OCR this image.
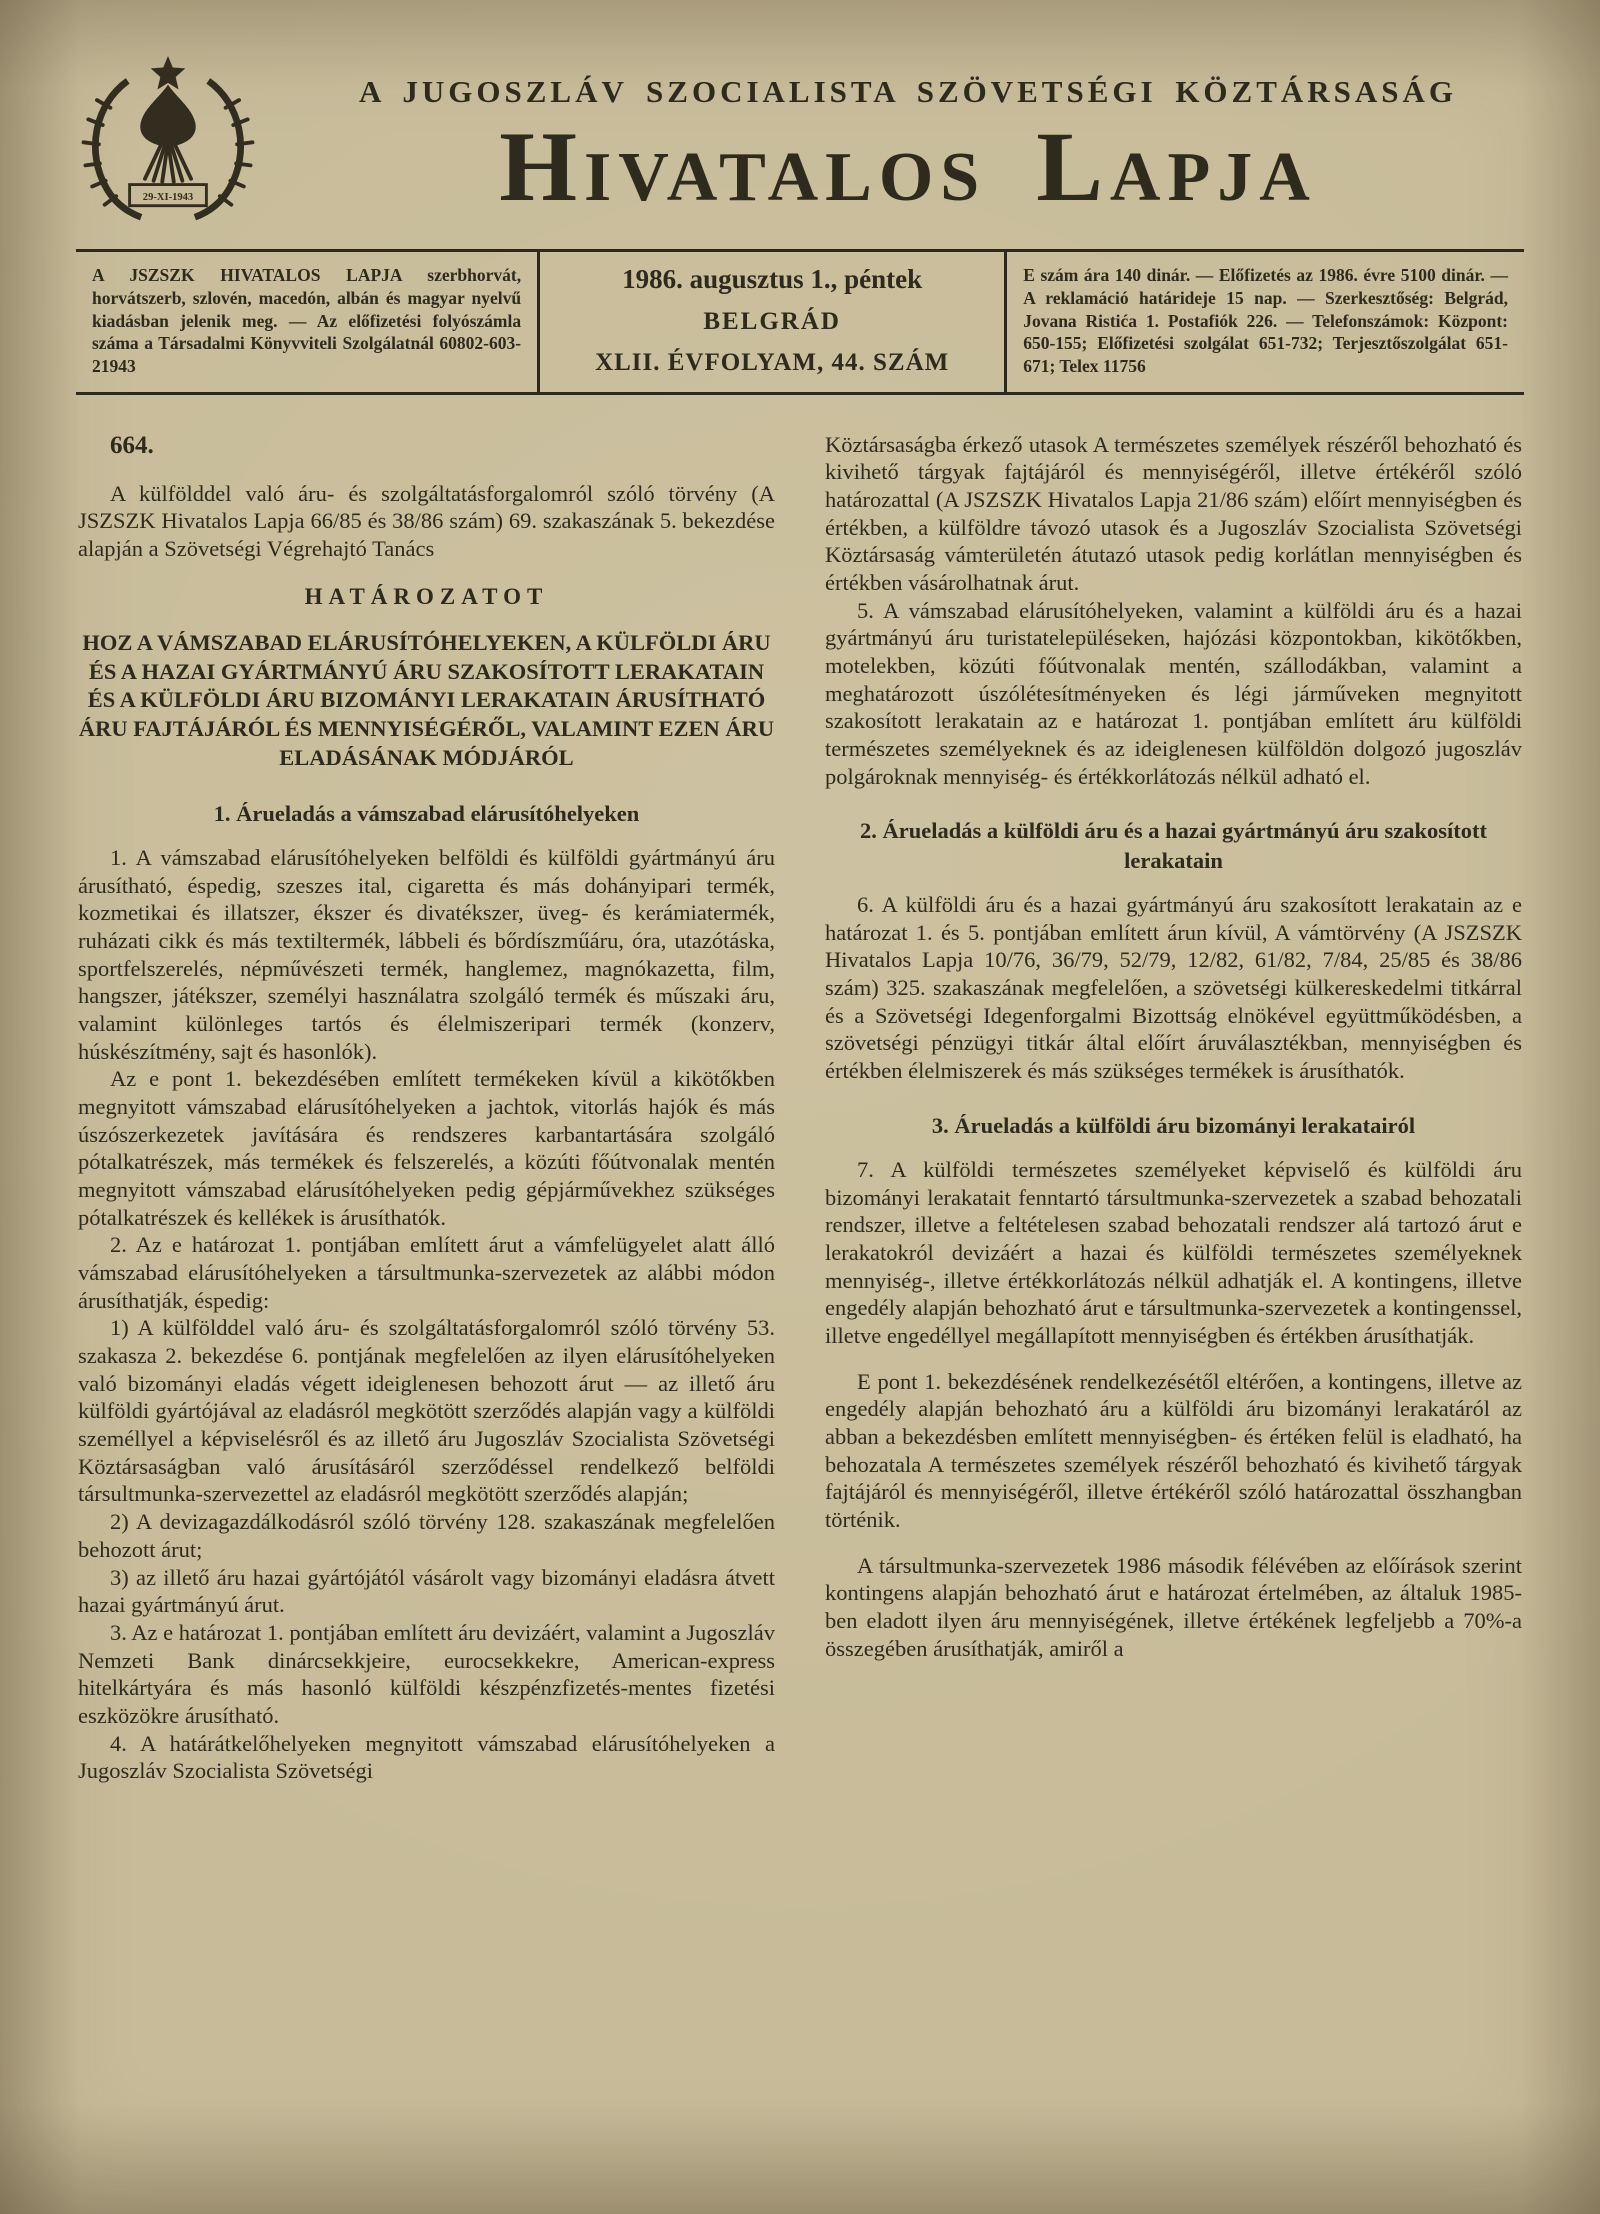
29-XI-1943
A JUGOSZLÁV SZOCIALISTA SZÖVETSÉGI KÖZTÁRSASÁG
Hivatalos Lapja
A JSZSZK HIVATALOS LAPJA szerbhorvát, horvátszerb, szlovén, macedón, albán és magyar nyelvű kiadásban jelenik meg. — Az előfizetési folyószámla száma a Társadalmi Könyvviteli Szolgálatnál 60802-603-21943
1986. augusztus 1., péntek
BELGRÁD
XLII. ÉVFOLYAM, 44. SZÁM
E szám ára 140 dinár. — Előfizetés az 1986. évre 5100 dinár. — A reklamáció határideje 15 nap. — Szerkesztőség: Belgrád, Jovana Ristića 1. Postafiók 226. — Telefonszámok: Központ: 650-155; Előfizetési szolgálat 651-732; Terjesztőszolgálat 651-671; Telex 11756
664.
A külfölddel való áru- és szolgáltatásforgalomról szóló törvény (A JSZSZK Hivatalos Lapja 66/85 és 38/86 szám) 69. szakaszának 5. bekezdése alapján a Szövetségi Végrehajtó Tanács
HATÁROZATOT
HOZ A VÁMSZABAD ELÁRUSÍTÓHELYEKEN, A KÜLFÖLDI ÁRU ÉS A HAZAI GYÁRTMÁNYÚ ÁRU SZAKOSÍTOTT LERAKATAIN ÉS A KÜLFÖLDI ÁRU BIZOMÁNYI LERAKATAIN ÁRUSÍTHATÓ ÁRU FAJTÁJÁRÓL ÉS MENNYISÉGÉRŐL, VALAMINT EZEN ÁRU ELADÁSÁNAK MÓDJÁRÓL
1. Árueladás a vámszabad elárusítóhelyeken
1. A vámszabad elárusítóhelyeken belföldi és külföldi gyártmányú áru árusítható, éspedig, szeszes ital, cigaretta és más dohányipari termék, kozmetikai és illatszer, ékszer és divatékszer, üveg- és kerámiatermék, ruházati cikk és más textiltermék, lábbeli és bőrdíszműáru, óra, utazótáska, sportfelszerelés, népművészeti termék, hanglemez, magnókazetta, film, hangszer, játékszer, személyi használatra szolgáló termék és műszaki áru, valamint különleges tartós és élelmiszeripari termék (konzerv, húskészítmény, sajt és hasonlók).
Az e pont 1. bekezdésében említett termékeken kívül a kikötőkben megnyitott vámszabad elárusítóhelyeken a jachtok, vitorlás hajók és más úszószerkezetek javítására és rendszeres karbantartására szolgáló pótalkatrészek, más termékek és felszerelés, a közúti főútvonalak mentén megnyitott vámszabad elárusítóhelyeken pedig gépjárművekhez szükséges pótalkatrészek és kellékek is árusíthatók.
2. Az e határozat 1. pontjában említett árut a vámfelügyelet alatt álló vámszabad elárusítóhelyeken a társultmunka-szervezetek az alábbi módon árusíthatják, éspedig:
1) A külfölddel való áru- és szolgáltatásforgalomról szóló törvény 53. szakasza 2. bekezdése 6. pontjának megfelelően az ilyen elárusítóhelyeken való bizományi eladás végett ideiglenesen behozott árut — az illető áru külföldi gyártójával az eladásról megkötött szerződés alapján vagy a külföldi személlyel a képviselésről és az illető áru Jugoszláv Szocialista Szövetségi Köztársaságban való árusításáról szerződéssel rendelkező belföldi társultmunka-szervezettel az eladásról megkötött szerződés alapján;
2) A devizagazdálkodásról szóló törvény 128. szakaszának megfelelően behozott árut;
3) az illető áru hazai gyártójától vásárolt vagy bizományi eladásra átvett hazai gyártmányú árut.
3. Az e határozat 1. pontjában említett áru devizáért, valamint a Jugoszláv Nemzeti Bank dinárcsekkjeire, eurocsekkekre, American-express hitelkártyára és más hasonló külföldi készpénzfizetés-mentes fizetési eszközökre árusítható.
4. A határátkelőhelyeken megnyitott vámszabad elárusítóhelyeken a Jugoszláv Szocialista Szövetségi
Köztársaságba érkező utasok A természetes személyek részéről behozható és kivihető tárgyak fajtájáról és mennyiségéről, illetve értékéről szóló határozattal (A JSZSZK Hivatalos Lapja 21/86 szám) előírt mennyiségben és értékben, a külföldre távozó utasok és a Jugoszláv Szocialista Szövetségi Köztársaság vámterületén átutazó utasok pedig korlátlan mennyiségben és értékben vásárolhatnak árut.
5. A vámszabad elárusítóhelyeken, valamint a külföldi áru és a hazai gyártmányú áru turistatelepüléseken, hajózási központokban, kikötőkben, motelekben, közúti főútvonalak mentén, szállodákban, valamint a meghatározott úszólétesítményeken és légi járműveken megnyitott szakosított lerakatain az e határozat 1. pontjában említett áru külföldi természetes személyeknek és az ideiglenesen külföldön dolgozó jugoszláv polgároknak mennyiség- és értékkorlátozás nélkül adható el.
2. Árueladás a külföldi áru és a hazai gyártmányú áru szakosított lerakatain
6. A külföldi áru és a hazai gyártmányú áru szakosított lerakatain az e határozat 1. és 5. pontjában említett árun kívül, A vámtörvény (A JSZSZK Hivatalos Lapja 10/76, 36/79, 52/79, 12/82, 61/82, 7/84, 25/85 és 38/86 szám) 325. szakaszának megfelelően, a szövetségi külkereskedelmi titkárral és a Szövetségi Idegenforgalmi Bizottság elnökével együttműködésben, a szövetségi pénzügyi titkár által előírt áruválasztékban, mennyiségben és értékben élelmiszerek és más szükséges termékek is árusíthatók.
3. Árueladás a külföldi áru bizományi lerakatairól
7. A külföldi természetes személyeket képviselő és külföldi áru bizományi lerakatait fenntartó társultmunka-szervezetek a szabad behozatali rendszer, illetve a feltételesen szabad behozatali rendszer alá tartozó árut e lerakatokról devizáért a hazai és külföldi természetes személyeknek mennyiség-, illetve értékkorlátozás nélkül adhatják el. A kontingens, illetve engedély alapján behozható árut e társultmunka-szervezetek a kontingenssel, illetve engedéllyel megállapított mennyiségben és értékben árusíthatják.
E pont 1. bekezdésének rendelkezésétől eltérően, a kontingens, illetve az engedély alapján behozható áru a külföldi áru bizományi lerakatáról az abban a bekezdésben említett mennyiségben- és értéken felül is eladható, ha behozatala A természetes személyek részéről behozható és kivihető tárgyak fajtájáról és mennyiségéről, illetve értékéről szóló határozattal összhangban történik.
A társultmunka-szervezetek 1986 második félévében az előírások szerint kontingens alapján behozható árut e határozat értelmében, az általuk 1985-ben eladott ilyen áru mennyiségének, illetve értékének legfeljebb a 70%-a összegében árusíthatják, amiről a
